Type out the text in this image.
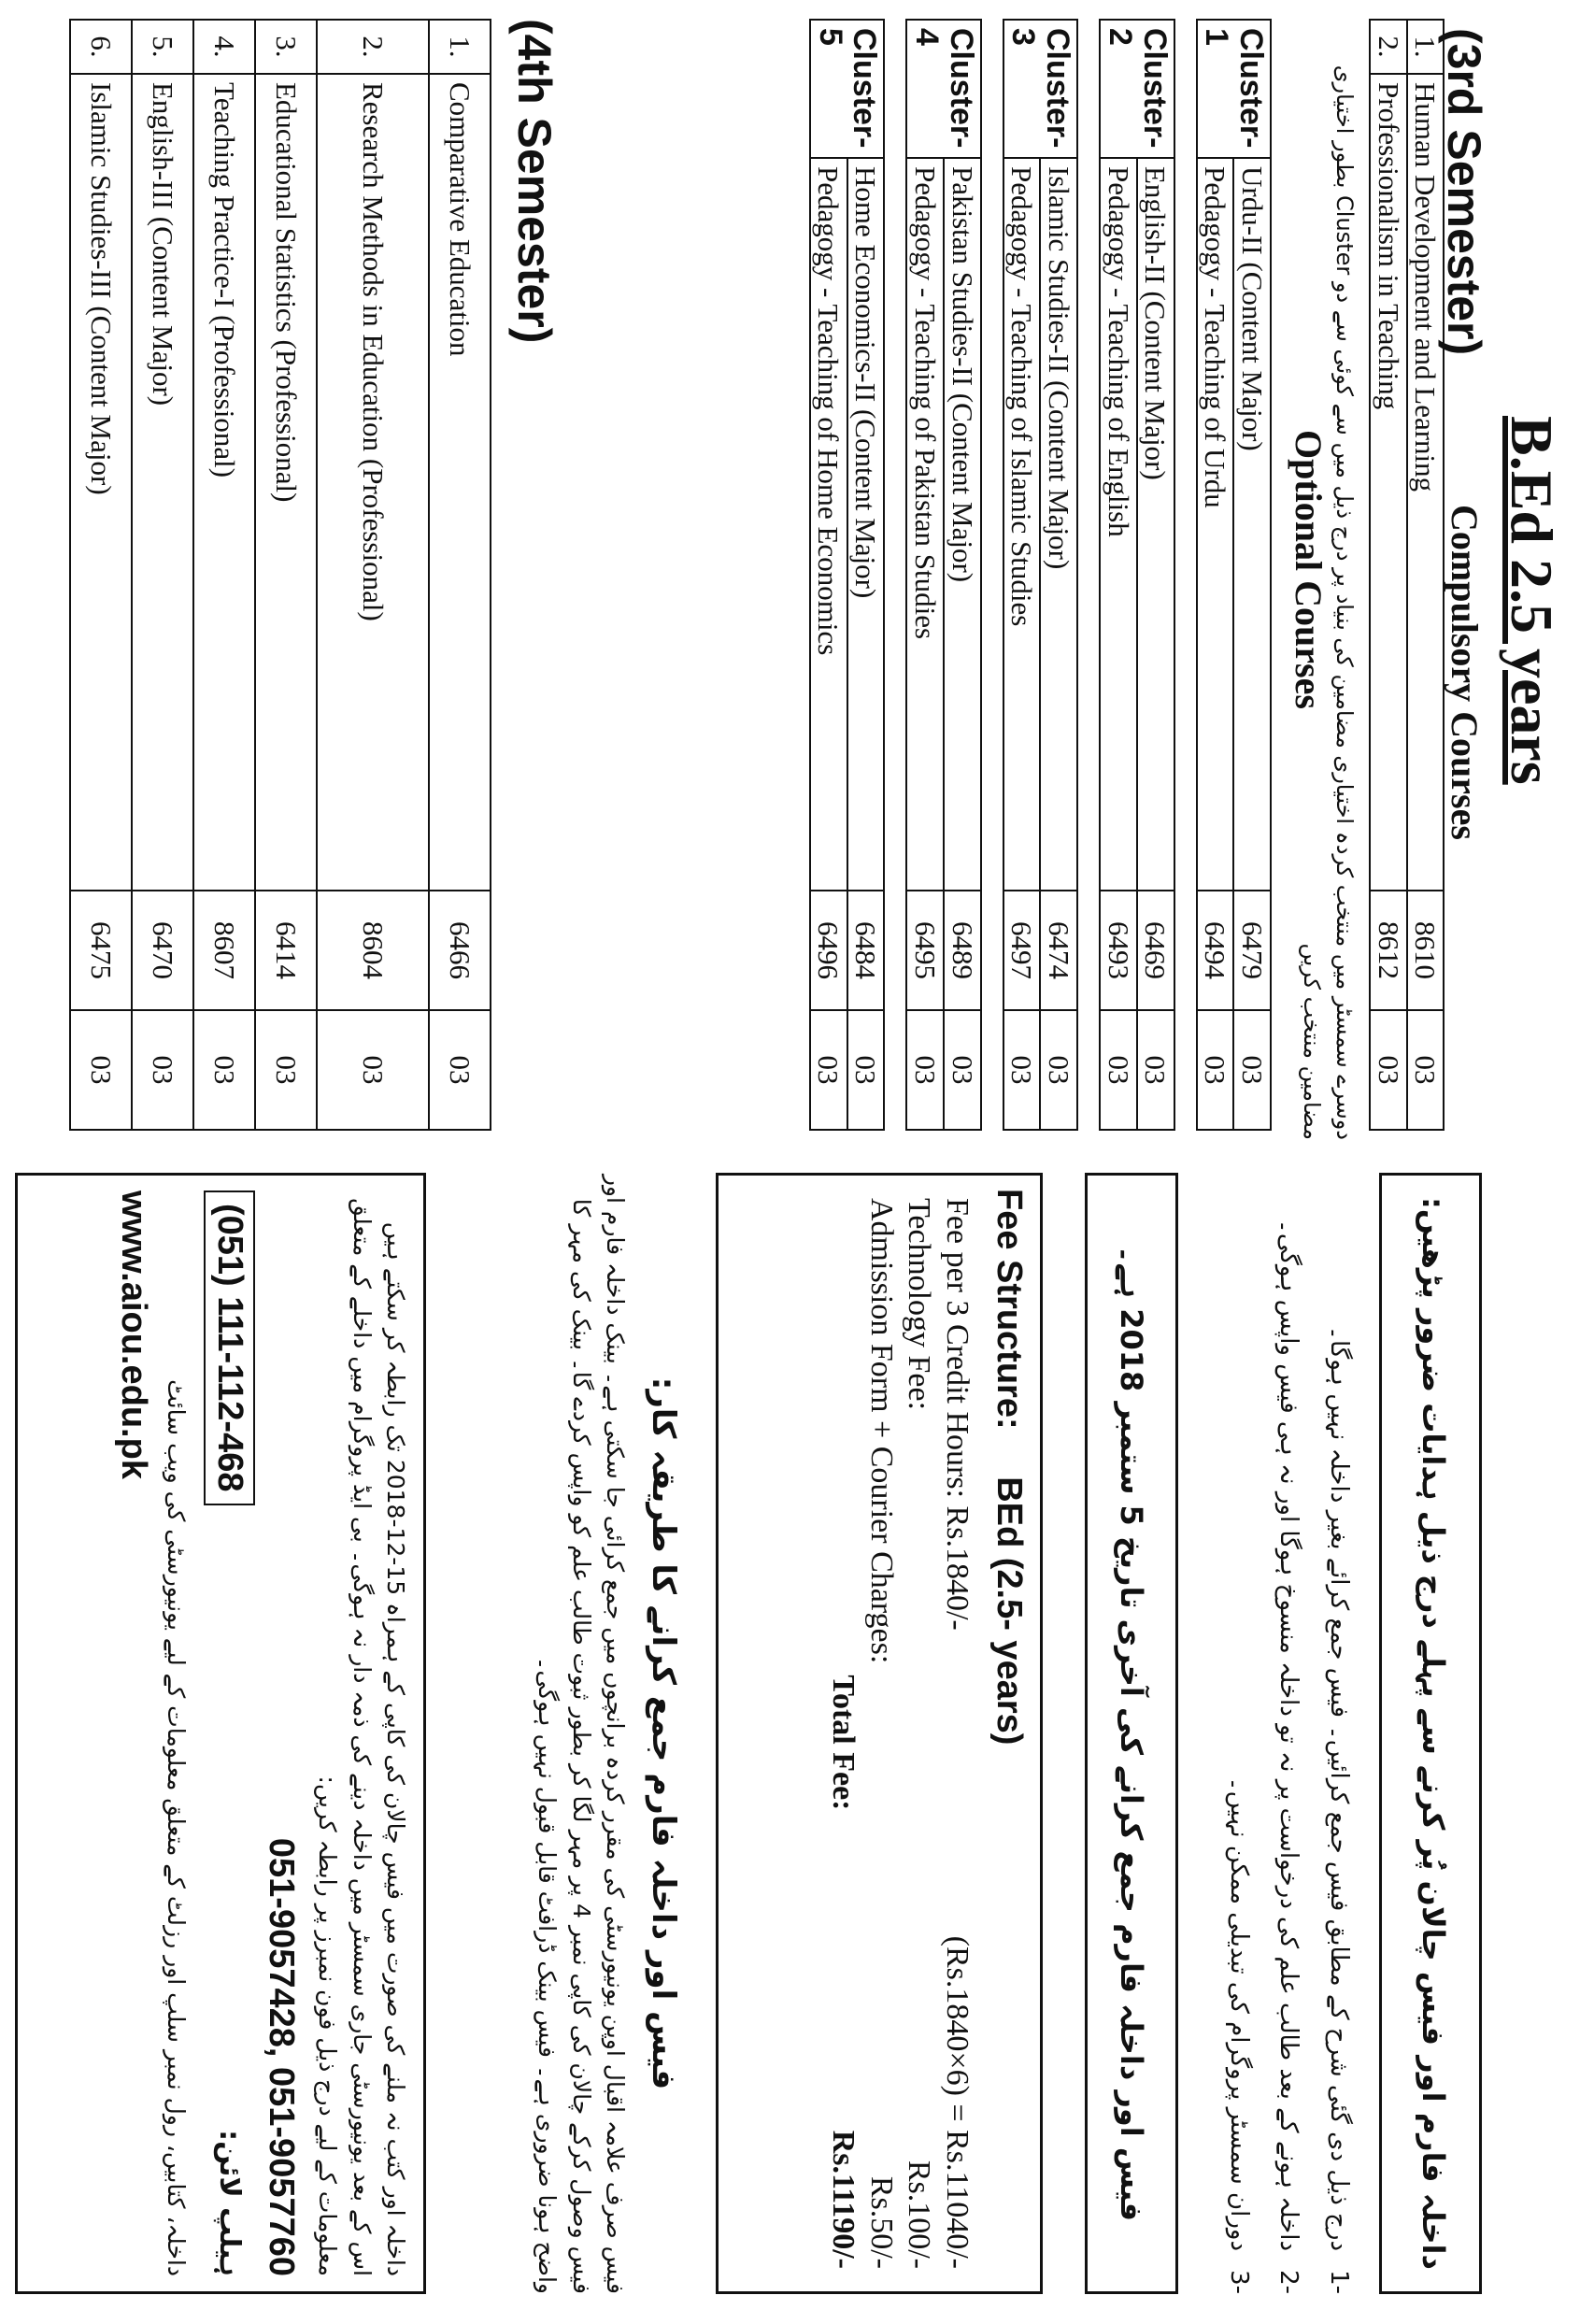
B.Ed 2.5 years
(3rd Semester)
Compulsory Courses
1.	Human Development and Learning	8610	03
2.	Professionalism in Teaching	8612	03
دوسرے سمسٹر میں منتخب کردہ اختیاری مضامین کی بنیاد پر درج ذیل میں سے کوئی سے دو Cluster بطور اختیاری مضامین منتخب کریں
Optional Courses
Cluster-1	Urdu-II (Content Major)	6479	03
	Pedagogy - Teaching of Urdu	6494	03
Cluster-2	English-II (Content Major)	6469	03
	Pedagogy - Teaching of English	6493	03
Cluster-3	Islamic Studies-II (Content Major)	6474	03
	Pedagogy - Teaching of Islamic Studies	6497	03
Cluster-4	Pakistan Studies-II (Content Major)	6489	03
	Pedagogy - Teaching of Pakistan Studies	6495	03
Cluster-5	Home Economics-II (Content Major)	6484	03
	Pedagogy - Teaching of Home Economics	6496	03
(4th Semester)
1.	Comparative Education	6466	03
2.	Research Methods in Education (Professional)	8604	03
3.	Educational Statistics (Professional)	6414	03
4.	Teaching Practice-I (Professional)	8607	03
5.	English-III (Content Major)	6470	03
6.	Islamic Studies-III (Content Major)	6475	03
داخلہ فارم اور فیس چالان پُر کرنے سے پہلے درج ذیل ہدایات ضرور پڑھیں:
-1
درج ذیل دی گئی شرح کے مطابق فیس جمع کرائیں۔ فیس جمع کرائے بغیر داخلہ نہیں ہوگا۔
-2
داخلہ ہونے کے بعد طالب علم کی درخواست پر نہ تو داخلہ منسوخ ہوگا اور نہ ہی فیس واپس ہوگی۔
-3
دوران سمسٹر پروگرام کی تبدیلی ممکن نہیں۔
فیس اور داخلہ فارم جمع کرانے کی آخری تاریخ 5 ستمبر 2018 ہے۔
Fee Structure: BEd (2.5- years)
Fee per 3 Credit Hours: Rs.1840/-	(Rs.1840×6) = Rs.11040/-
Technology Fee:	Rs.100/-
Admission Form + Courier Charges:	Rs.50/-
Total Fee:	Rs.11190/-
فیس اور داخلہ فارم جمع کرانے کا طریقہ کار:
فیس صرف علامہ اقبال اوپن یونیورسٹی کی مقرر کردہ برانچوں میں جمع کرائی جا سکتی ہے۔ بینک داخلہ فارم اور فیس وصول کرکے چالان کی کاپی نمبر 4 پر مہر لگا کر بطور ثبوت طالب علم کو واپس کردے گا۔ بینک کی مہر کا واضح ہونا ضروری ہے۔ فیس بینک ڈرافٹ قابل قبول نہیں ہوگی۔
داخلہ اور کتب نہ ملنے کی صورت میں فیس چالان کی کاپی کے ہمراہ 15-12-2018 تک رابطہ کر سکتے ہیں اس کے بعد یونیورسٹی جاری سمسٹر میں داخلہ دینے کی ذمہ دار نہ ہوگی۔ بی ایڈ پروگرام میں داخلے کے متعلق معلومات کے لیے درج ذیل فون نمبرز پر رابطہ کریں:
051-9057428, 051-9057760
(051) 111-112-468
ہیلپ لائن:
داخلہ، کتابیں، رول نمبر سلپ اور رزلٹ کے متعلق معلومات کے لیے یونیورسٹی کی ویب سائٹ
www.aiou.edu.pk
